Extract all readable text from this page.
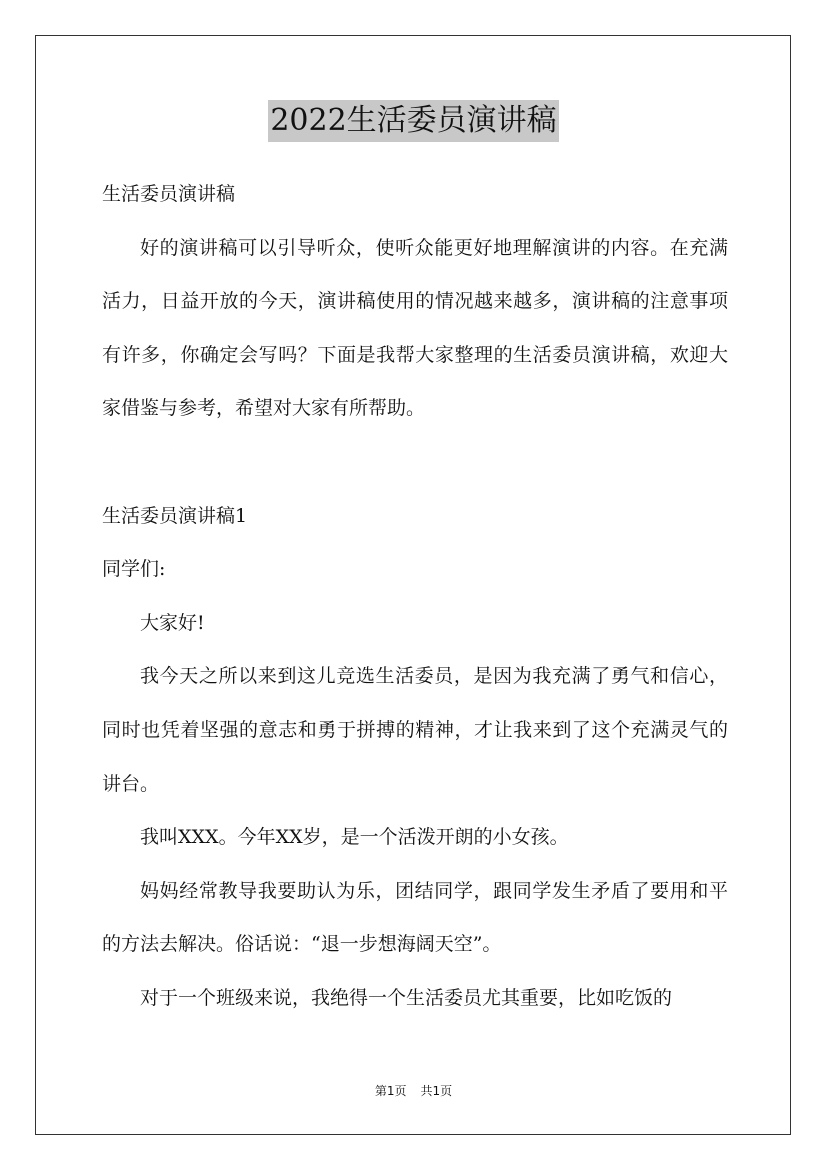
2022生活委员演讲稿

生活委员演讲稿

好的演讲稿可以引导听众，使听众能更好地理解演讲的内容。在充满活力，日益开放的今天，演讲稿使用的情况越来越多，演讲稿的注意事项有许多，你确定会写吗？下面是我帮大家整理的生活委员演讲稿，欢迎大家借鉴与参考，希望对大家有所帮助。

生活委员演讲稿1

同学们:

大家好!

我今天之所以来到这儿竞选生活委员，是因为我充满了勇气和信心，同时也凭着坚强的意志和勇于拼搏的精神，才让我来到了这个充满灵气的讲台。

我叫XXX。今年XX岁，是一个活泼开朗的小女孩。

妈妈经常教导我要助认为乐，团结同学，跟同学发生矛盾了要用和平的方法去解决。俗话说：“退一步想海阔天空”。

对于一个班级来说，我绝得一个生活委员尤其重要，比如吃饭的

第1页 共1页
